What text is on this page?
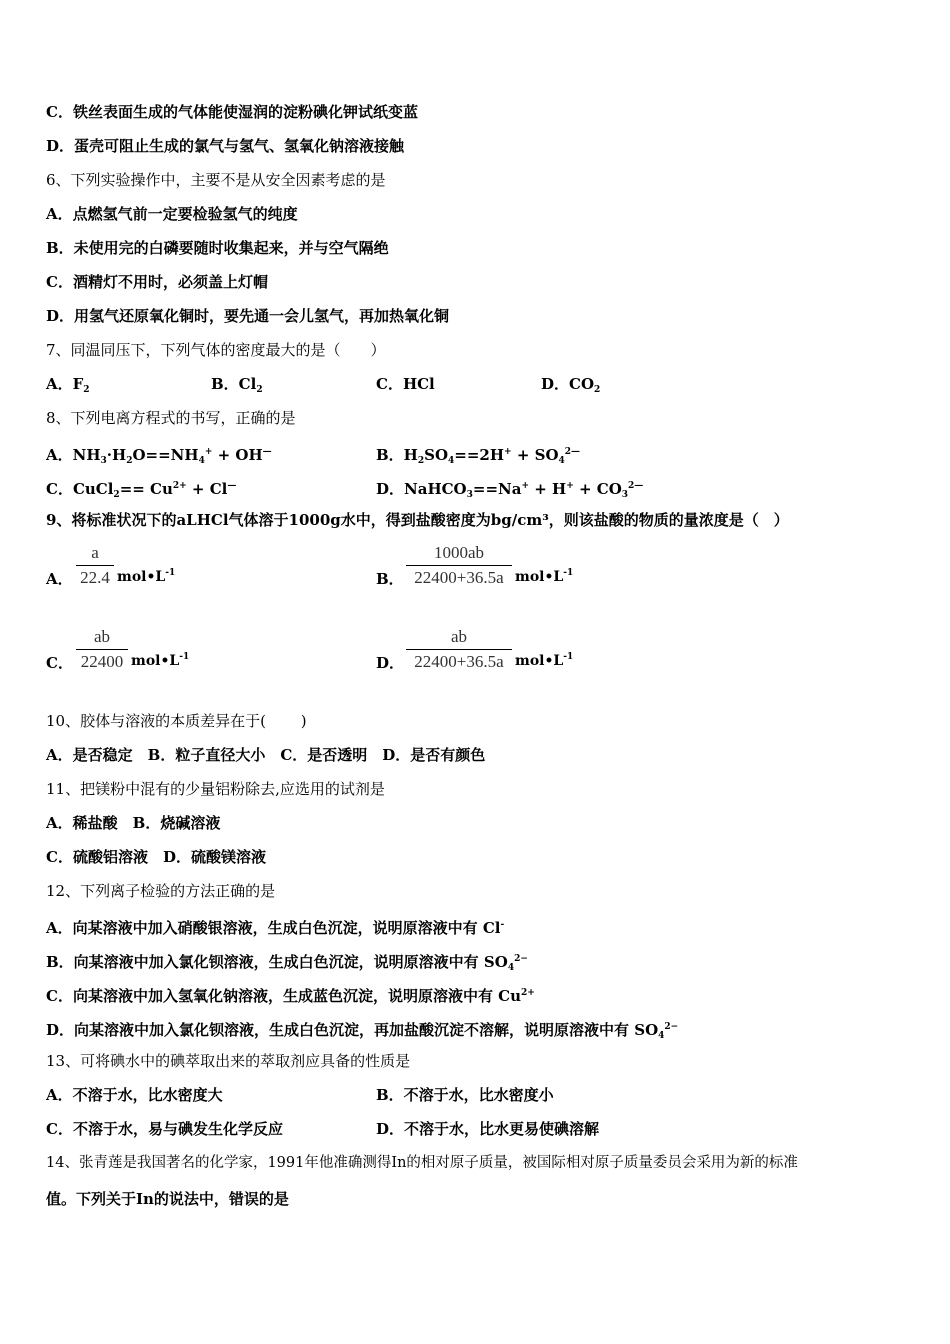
C．铁丝表面生成的气体能使湿润的淀粉碘化钾试纸变蓝
D．蛋壳可阻止生成的氯气与氢气、氢氧化钠溶液接触
6、下列实验操作中，主要不是从安全因素考虑的是
A．点燃氢气前一定要检验氢气的纯度
B．未使用完的白磷要随时收集起来，并与空气隔绝
C．酒精灯不用时，必须盖上灯帽
D．用氢气还原氧化铜时，要先通一会儿氢气，再加热氧化铜
7、同温同压下，下列气体的密度最大的是（　　）
A．$F_2$	B．$Cl_2$	C．HCl	D．$CO_2$
8、下列电离方程式的书写，正确的是
A．$NH_3\cdot H_2O==NH_4^+ + OH^—$	B．$H_2SO_4==2H^+ + SO_4^{2—}$
C．CuCl$_2$== $Cu^{2+} + Cl^—$	D．NaHCO$_3$==Na+ + $H^+ + CO_3^{2—}$
9、将标准状况下的aLHCl气体溶于1000g水中，得到盐酸密度为bg/cm³，则该盐酸的物质的量浓度是（　）
A．
a
22.4 $mol•L^{-1}$	B．
1000ab
22400+36.5a $mol•L^{-1}$
C．
ab
22400 $mol•L^{-1}$	D．
ab
22400+36.5a $mol•L^{-1}$
10、胶体与溶液的本质差异在于(　　 )
A．是否稳定　B．粒子直径大小　C．是否透明　D．是否有颜色
11、把镁粉中混有的少量铝粉除去,应选用的试剂是
A．稀盐酸　B．烧碱溶液
C．硫酸铝溶液　D．硫酸镁溶液
12、下列离子检验的方法正确的是
A．向某溶液中加入硝酸银溶液，生成白色沉淀，说明原溶液中有 Cl-
B．向某溶液中加入氯化钡溶液，生成白色沉淀，说明原溶液中有 $SO_4^{2-}$
C．向某溶液中加入氢氧化钠溶液，生成蓝色沉淀，说明原溶液中有 $Cu^{2+}$
D．向某溶液中加入氯化钡溶液，生成白色沉淀，再加盐酸沉淀不溶解，说明原溶液中有 $SO_4^{2-}$
13、可将碘水中的碘萃取出来的萃取剂应具备的性质是
A．不溶于水，比水密度大	B．不溶于水，比水密度小
C．不溶于水，易与碘发生化学反应	D．不溶于水，比水更易使碘溶解
14、张青莲是我国著名的化学家，1991年他准确测得In的相对原子质量，被国际相对原子质量委员会采用为新的标准
值。下列关于In的说法中，错误的是
